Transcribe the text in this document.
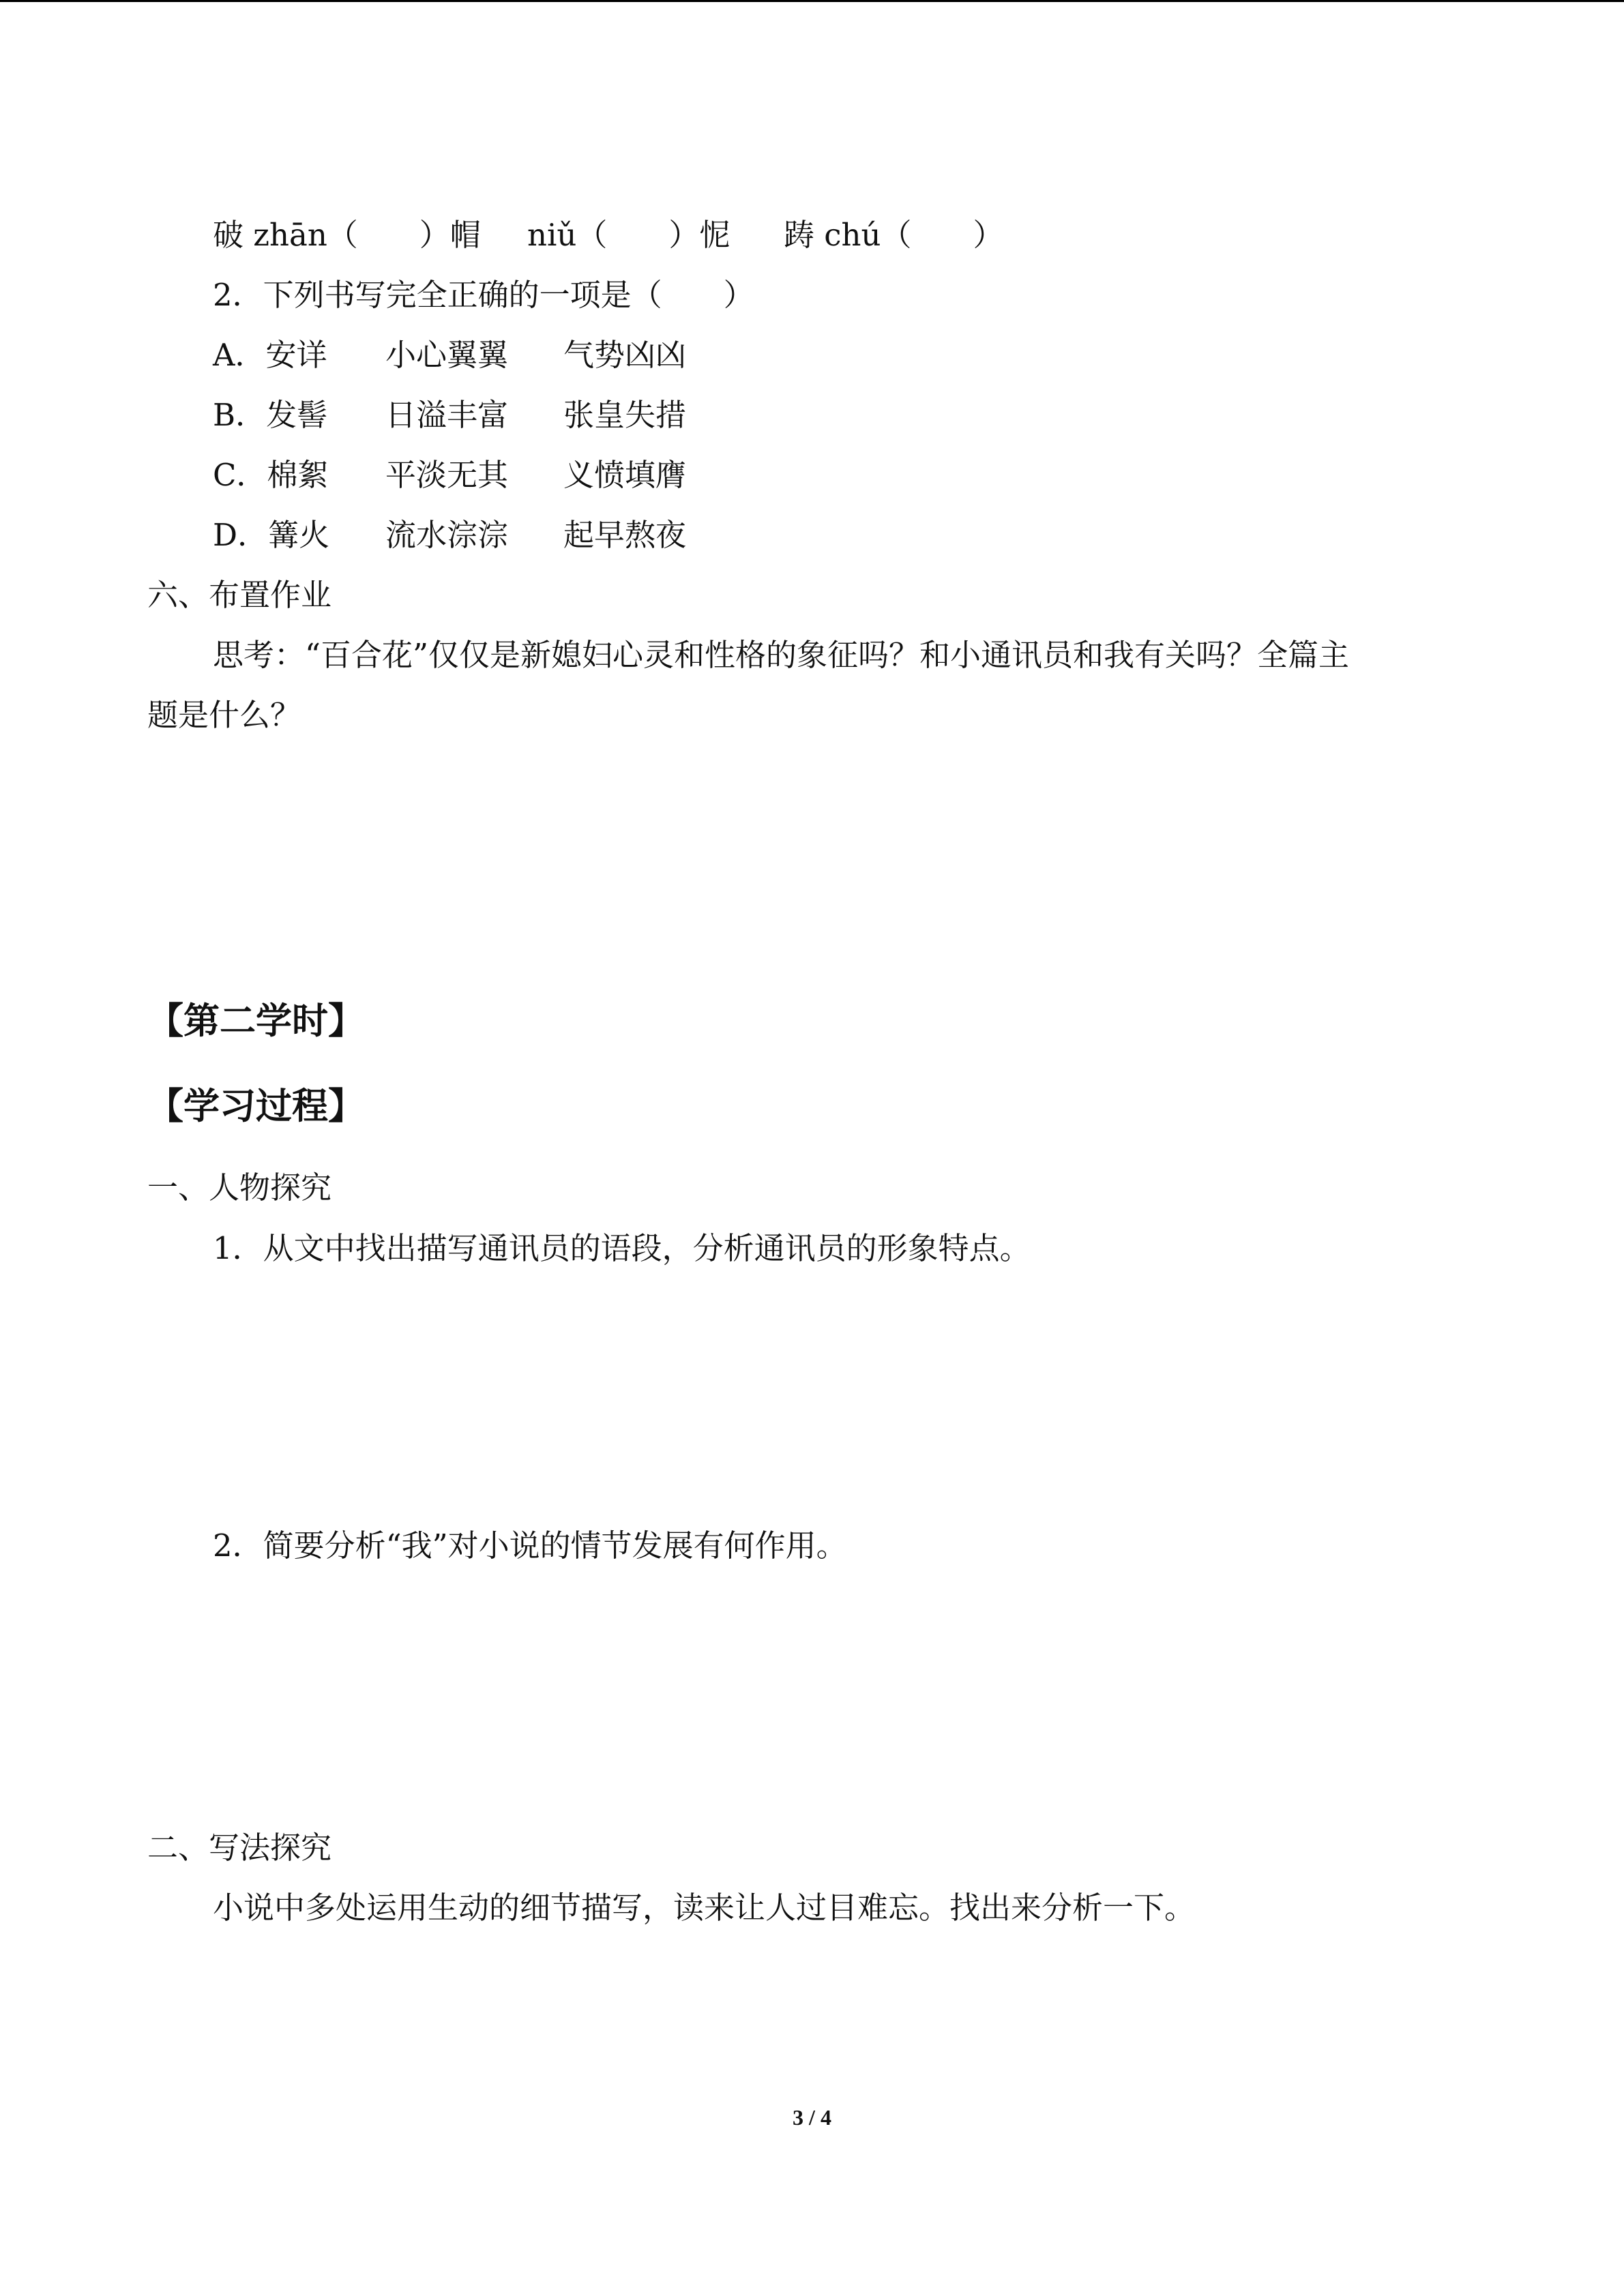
破 zhān（　　）帽 niǔ（　　）怩 踌 chú（　　）
2．下列书写完全正确的一项是（　　）
A．安详 小心翼翼 气势凶凶
B．发髻 日溢丰富 张皇失措
C．棉絮 平淡无其 义愤填膺
D．篝火 流水淙淙 起早熬夜
六、布置作业
思考：“百合花”仅仅是新媳妇心灵和性格的象征吗？和小通讯员和我有关吗？全篇主
题是什么？
【第二学时】
【学习过程】
一、人物探究
1．从文中找出描写通讯员的语段，分析通讯员的形象特点。
2．简要分析“我”对小说的情节发展有何作用。
二、写法探究
小说中多处运用生动的细节描写，读来让人过目难忘。找出来分析一下。
3 / 4
